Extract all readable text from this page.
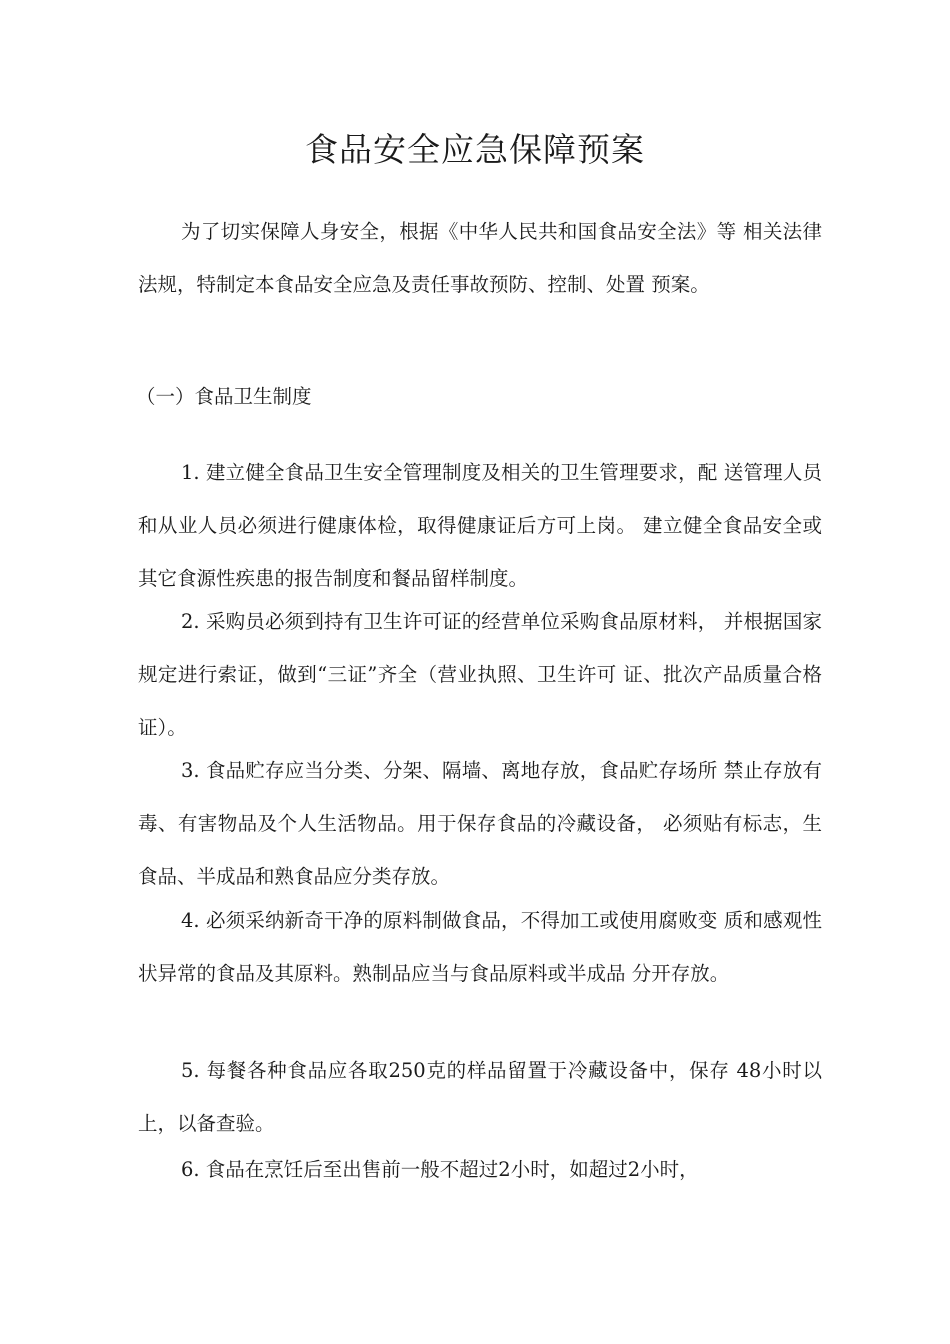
食品安全应急保障预案

为了切实保障人身安全，根据《中华人民共和国食品安全法》等 相关法律法规，特制定本食品安全应急及责任事故预防、控制、处置 预案。

（一）食品卫生制度

1. 建立健全食品卫生安全管理制度及相关的卫生管理要求，配 送管理人员和从业人员必须进行健康体检，取得健康证后方可上岗。 建立健全食品安全或其它食源性疾患的报告制度和餐品留样制度。

2. 采购员必须到持有卫生许可证的经营单位采购食品原材料， 并根据国家规定进行索证，做到“三证”齐全（营业执照、卫生许可 证、批次产品质量合格证）。

3. 食品贮存应当分类、分架、隔墙、离地存放，食品贮存场所 禁止存放有毒、有害物品及个人生活物品。用于保存食品的冷藏设备， 必须贴有标志，生食品、半成品和熟食品应分类存放。

4. 必须采纳新奇干净的原料制做食品，不得加工或使用腐败变 质和感观性状异常的食品及其原料。熟制品应当与食品原料或半成品 分开存放。

5. 每餐各种食品应各取250克的样品留置于冷藏设备中，保存 48小时以上，以备查验。

6. 食品在烹饪后至出售前一般不超过2小时，如超过2小时，
